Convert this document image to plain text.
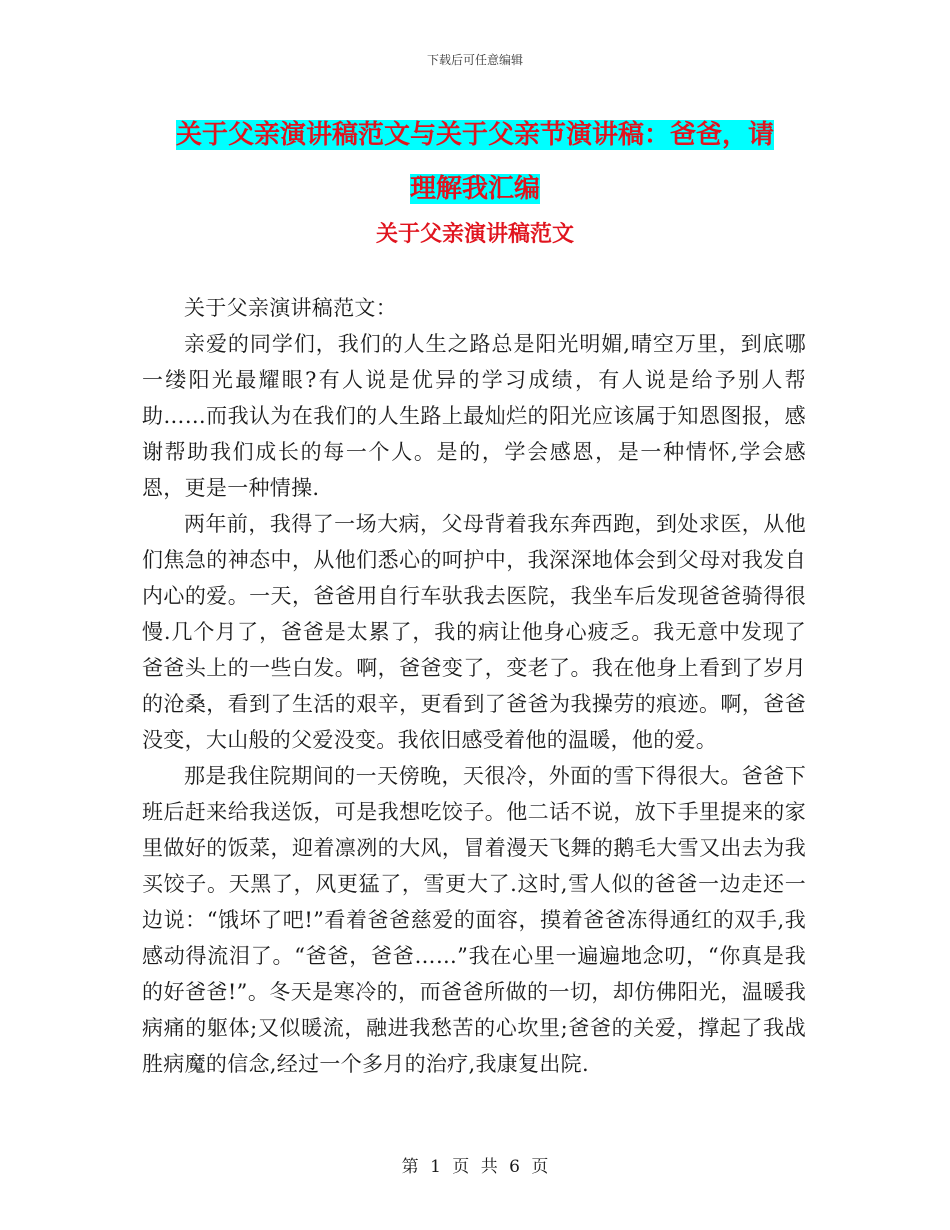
下载后可任意编辑
关于父亲演讲稿范文与关于父亲节演讲稿：爸爸，请
理解我汇编
关于父亲演讲稿范文

关于父亲演讲稿范文：

亲爱的同学们，我们的人生之路总是阳光明媚,晴空万里，到底哪一缕阳光最耀眼?有人说是优异的学习成绩，有人说是给予别人帮助……而我认为在我们的人生路上最灿烂的阳光应该属于知恩图报，感谢帮助我们成长的每一个人。是的，学会感恩，是一种情怀,学会感恩，更是一种情操.

两年前，我得了一场大病，父母背着我东奔西跑，到处求医，从他们焦急的神态中，从他们悉心的呵护中，我深深地体会到父母对我发自内心的爱。一天，爸爸用自行车驮我去医院，我坐车后发现爸爸骑得很慢.几个月了，爸爸是太累了，我的病让他身心疲乏。我无意中发现了爸爸头上的一些白发。啊，爸爸变了，变老了。我在他身上看到了岁月的沧桑，看到了生活的艰辛，更看到了爸爸为我操劳的痕迹。啊，爸爸没变，大山般的父爱没变。我依旧感受着他的温暖，他的爱。

那是我住院期间的一天傍晚，天很冷，外面的雪下得很大。爸爸下班后赶来给我送饭，可是我想吃饺子。他二话不说，放下手里提来的家里做好的饭菜，迎着凛冽的大风，冒着漫天飞舞的鹅毛大雪又出去为我买饺子。天黑了，风更猛了，雪更大了.这时,雪人似的爸爸一边走还一边说：“饿坏了吧!”看着爸爸慈爱的面容，摸着爸爸冻得通红的双手,我感动得流泪了。“爸爸，爸爸……”我在心里一遍遍地念叨，“你真是我的好爸爸!”。冬天是寒冷的，而爸爸所做的一切，却仿佛阳光，温暖我病痛的躯体;又似暖流，融进我愁苦的心坎里;爸爸的关爱，撑起了我战胜病魔的信念,经过一个多月的治疗,我康复出院.

第 1 页 共 6 页
